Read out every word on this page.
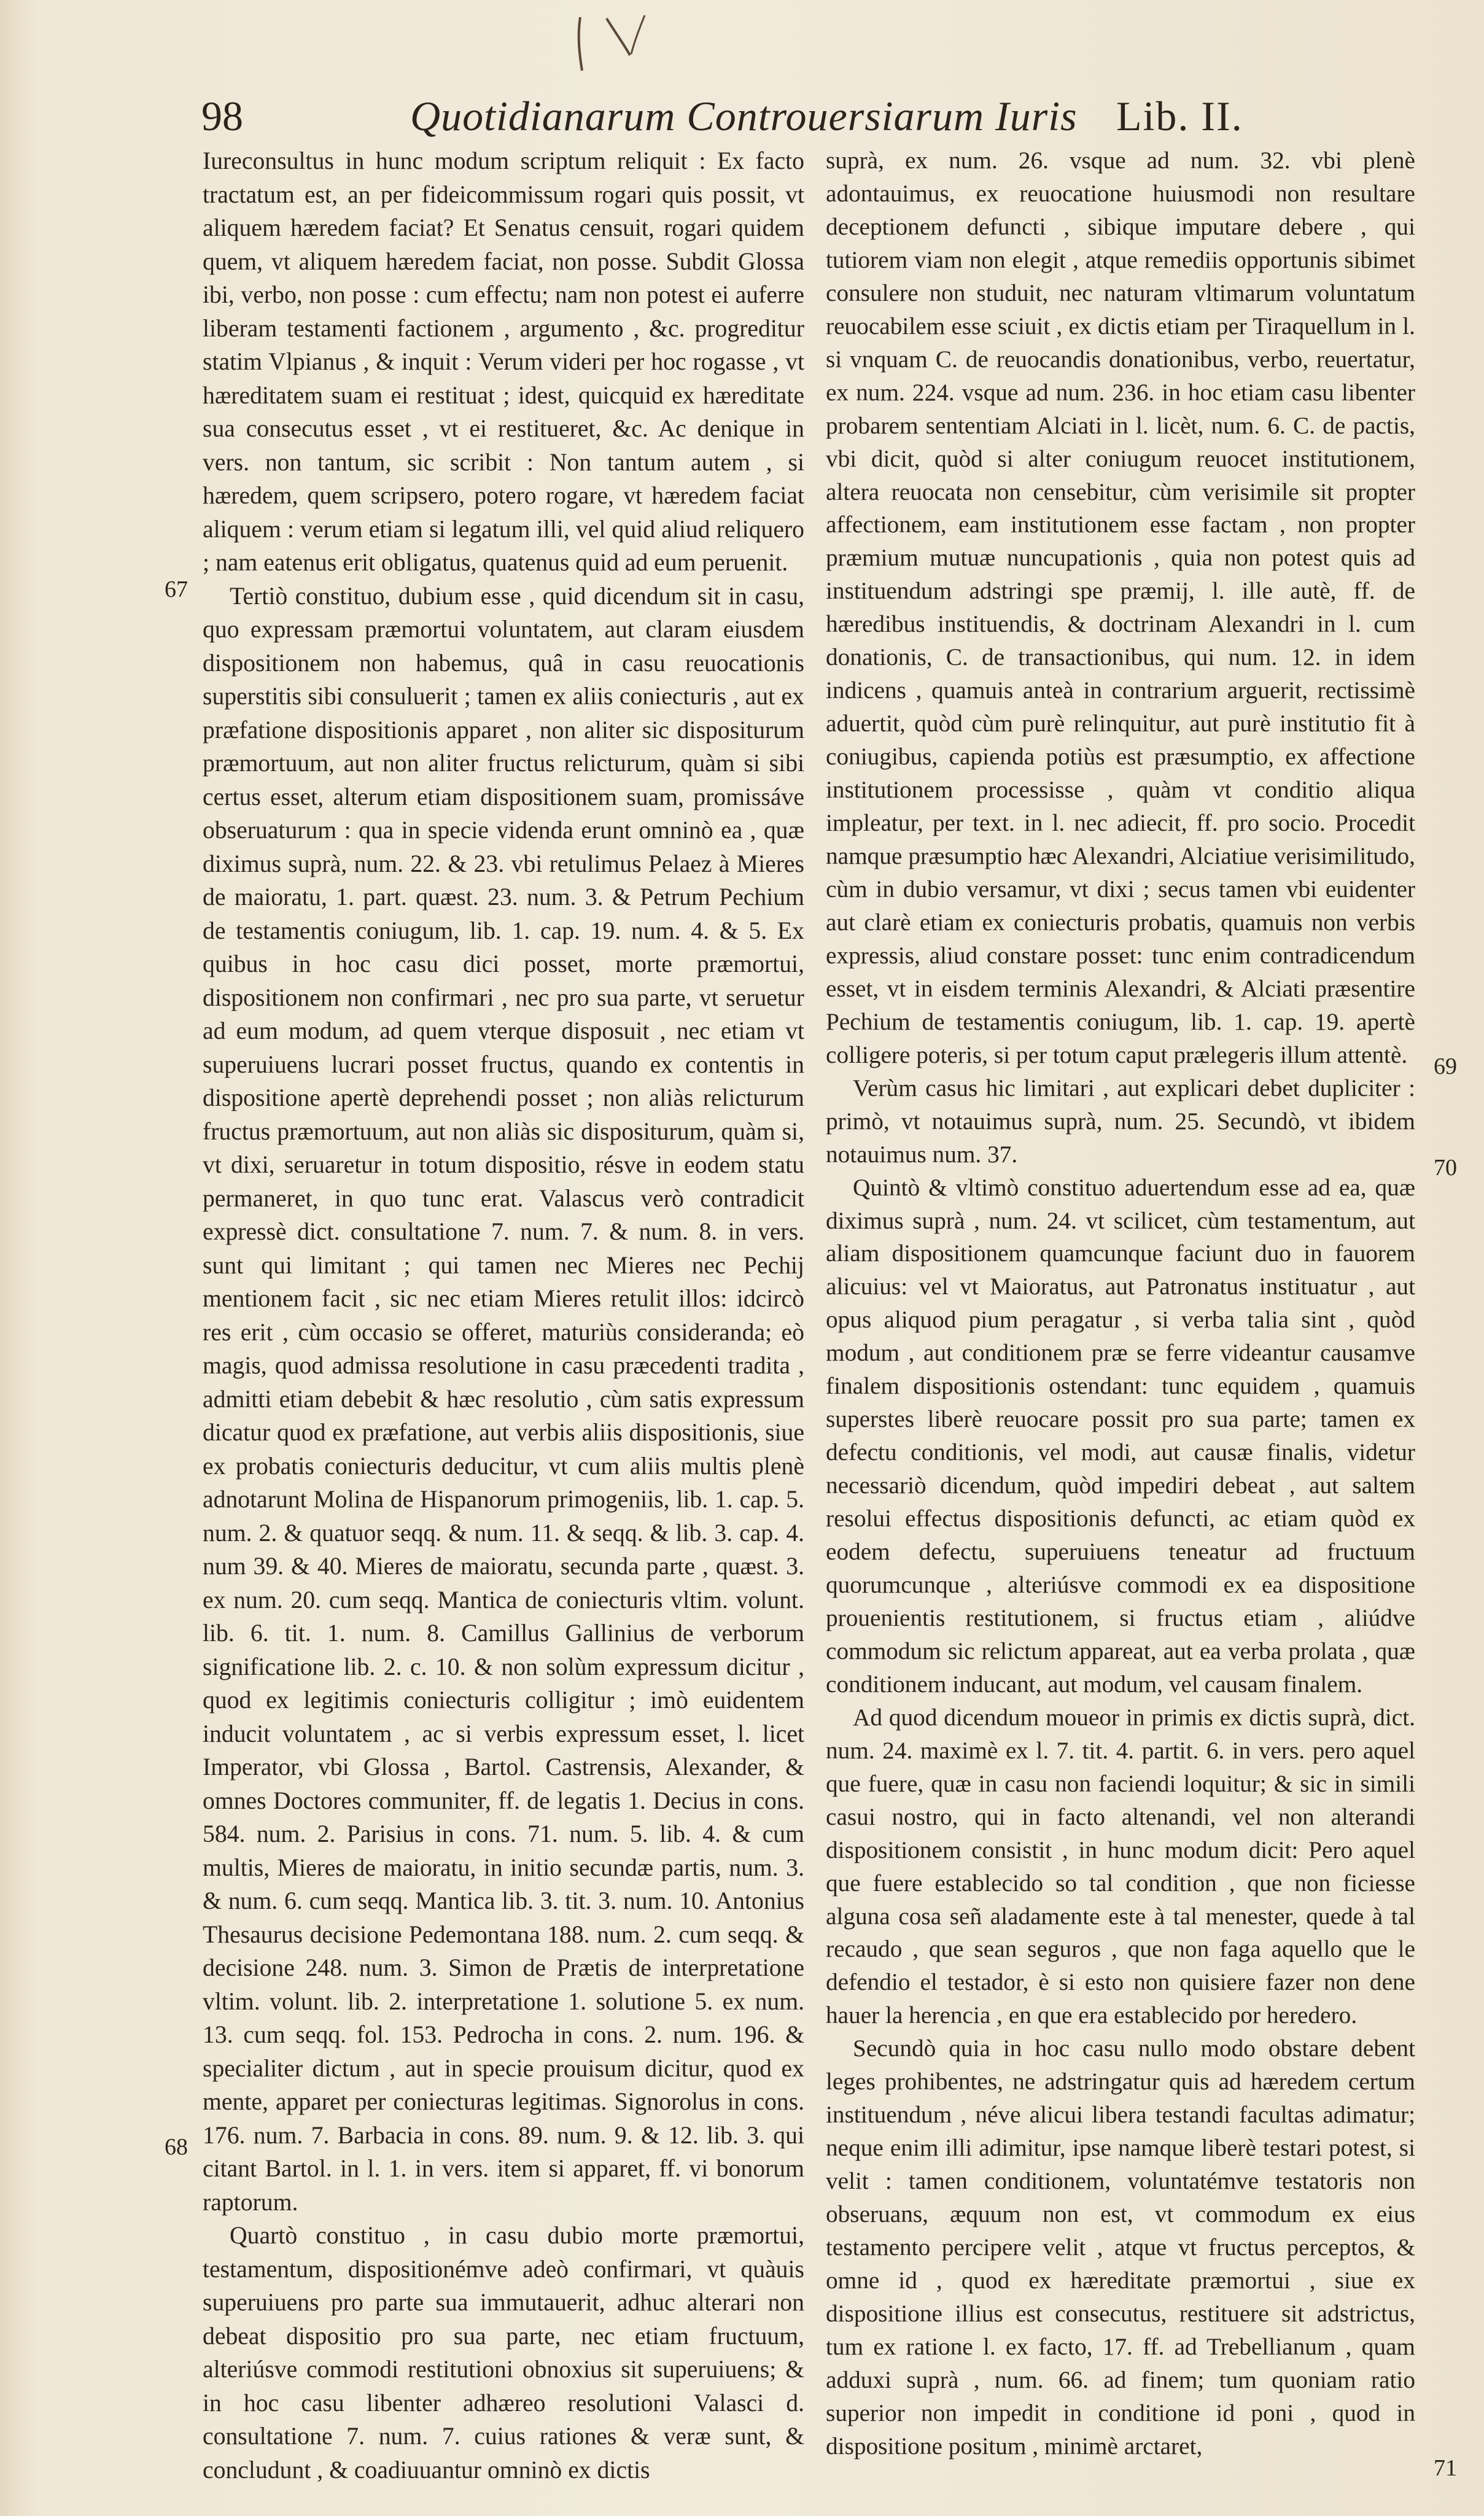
98	Quotidianarum Controuersiarum Iuris Lib. II.
67
68
69
70
71

Iureconsultus in hunc modum scriptum reliquit : Ex facto tractatum est, an per fideicommissum rogari quis possit, vt aliquem hæredem faciat? Et Senatus censuit, rogari quidem quem, vt aliquem hæredem faciat, non posse. Subdit Glossa ibi, verbo, non posse : cum effectu; nam non potest ei auferre liberam testamenti factionem , argumento , &c. progreditur statim Vlpianus , & inquit : Verum videri per hoc rogasse , vt hæreditatem suam ei restituat ; idest, quicquid ex hæreditate sua consecutus esset , vt ei restitueret, &c. Ac denique in vers. non tantum, sic scribit : Non tantum autem , si hæredem, quem scripsero, potero rogare, vt hæredem faciat aliquem : verum etiam si legatum illi, vel quid aliud reliquero ; nam eatenus erit obligatus, quatenus quid ad eum peruenit.

Tertiò constituo, dubium esse , quid dicendum sit in casu, quo expressam præmortui voluntatem, aut claram eiusdem dispositionem non habemus, quâ in casu reuocationis superstitis sibi consuluerit ; tamen ex aliis coniecturis , aut ex præfatione dispositionis apparet , non aliter sic dispositurum præmortuum, aut non aliter fructus relicturum, quàm si sibi certus esset, alterum etiam dispositionem suam, promissáve obseruaturum : qua in specie videnda erunt omninò ea , quæ diximus suprà, num. 22. & 23. vbi retulimus Pelaez à Mieres de maioratu, 1. part. quæst. 23. num. 3. & Petrum Pechium de testamentis coniugum, lib. 1. cap. 19. num. 4. & 5. Ex quibus in hoc casu dici posset, morte præmortui, dispositionem non confirmari , nec pro sua parte, vt seruetur ad eum modum, ad quem vterque disposuit , nec etiam vt superuiuens lucrari posset fructus, quando ex contentis in dispositione apertè deprehendi posset ; non aliàs relicturum fructus præmortuum, aut non aliàs sic dispositurum, quàm si, vt dixi, seruaretur in totum dispositio, résve in eodem statu permaneret, in quo tunc erat. Valascus verò contradicit expressè dict. consultatione 7. num. 7. & num. 8. in vers. sunt qui limitant ; qui tamen nec Mieres nec Pechij mentionem facit , sic nec etiam Mieres retulit illos: idcircò res erit , cùm occasio se offeret, maturiùs consideranda; eò magis, quod admissa resolutione in casu præcedenti tradita , admitti etiam debebit & hæc resolutio , cùm satis expressum dicatur quod ex præfatione, aut verbis aliis dispositionis, siue ex probatis coniecturis deducitur, vt cum aliis multis plenè adnotarunt Molina de Hispanorum primogeniis, lib. 1. cap. 5. num. 2. & quatuor seqq. & num. 11. & seqq. & lib. 3. cap. 4. num 39. & 40. Mieres de maioratu, secunda parte , quæst. 3. ex num. 20. cum seqq. Mantica de coniecturis vltim. volunt. lib. 6. tit. 1. num. 8. Camillus Gallinius de verborum significatione lib. 2. c. 10. & non solùm expressum dicitur , quod ex legitimis coniecturis colligitur ; imò euidentem inducit voluntatem , ac si verbis expressum esset, l. licet Imperator, vbi Glossa , Bartol. Castrensis, Alexander, & omnes Doctores communiter, ff. de legatis 1. Decius in cons. 584. num. 2. Parisius in cons. 71. num. 5. lib. 4. & cum multis, Mieres de maioratu, in initio secundæ partis, num. 3. & num. 6. cum seqq. Mantica lib. 3. tit. 3. num. 10. Antonius Thesaurus decisione Pedemontana 188. num. 2. cum seqq. & decisione 248. num. 3. Simon de Prætis de interpretatione vltim. volunt. lib. 2. interpretatione 1. solutione 5. ex num. 13. cum seqq. fol. 153. Pedrocha in cons. 2. num. 196. & specialiter dictum , aut in specie prouisum dicitur, quod ex mente, apparet per coniecturas legitimas. Signorolus in cons. 176. num. 7. Barbacia in cons. 89. num. 9. & 12. lib. 3. qui citant Bartol. in l. 1. in vers. item si apparet, ff. vi bonorum raptorum.

Quartò constituo , in casu dubio morte præmortui, testamentum, dispositionémve adeò confirmari, vt quàuis superuiuens pro parte sua immutauerit, adhuc alterari non debeat dispositio pro sua parte, nec etiam fructuum, alteriúsve commodi restitutioni obnoxius sit superuiuens; & in hoc casu libenter adhæreo resolutioni Valasci d. consultatione 7. num. 7. cuius rationes & veræ sunt, & concludunt , & coadiuuantur omninò ex dictis

suprà, ex num. 26. vsque ad num. 32. vbi plenè adontauimus, ex reuocatione huiusmodi non resultare deceptionem defuncti , sibique imputare debere , qui tutiorem viam non elegit , atque remediis opportunis sibimet consulere non studuit, nec naturam vltimarum voluntatum reuocabilem esse sciuit , ex dictis etiam per Tiraquellum in l. si vnquam C. de reuocandis donationibus, verbo, reuertatur, ex num. 224. vsque ad num. 236. in hoc etiam casu libenter probarem sententiam Alciati in l. licèt, num. 6. C. de pactis, vbi dicit, quòd si alter coniugum reuocet institutionem, altera reuocata non censebitur, cùm verisimile sit propter affectionem, eam institutionem esse factam , non propter præmium mutuæ nuncupationis , quia non potest quis ad instituendum adstringi spe præmij, l. ille autè, ff. de hæredibus instituendis, & doctrinam Alexandri in l. cum donationis, C. de transactionibus, qui num. 12. in idem indicens , quamuis anteà in contrarium arguerit, rectissimè aduertit, quòd cùm purè relinquitur, aut purè institutio fit à coniugibus, capienda potiùs est præsumptio, ex affectione institutionem processisse , quàm vt conditio aliqua impleatur, per text. in l. nec adiecit, ff. pro socio. Procedit namque præsumptio hæc Alexandri, Alciatiue verisimilitudo, cùm in dubio versamur, vt dixi ; secus tamen vbi euidenter aut clarè etiam ex coniecturis probatis, quamuis non verbis expressis, aliud constare posset: tunc enim contradicendum esset, vt in eisdem terminis Alexandri, & Alciati præsentire Pechium de testamentis coniugum, lib. 1. cap. 19. apertè colligere poteris, si per totum caput prælegeris illum attentè.

Verùm casus hic limitari , aut explicari debet dupliciter : primò, vt notauimus suprà, num. 25. Secundò, vt ibidem notauimus num. 37.

Quintò & vltimò constituo aduertendum esse ad ea, quæ diximus suprà , num. 24. vt scilicet, cùm testamentum, aut aliam dispositionem quamcunque faciunt duo in fauorem alicuius: vel vt Maioratus, aut Patronatus instituatur , aut opus aliquod pium peragatur , si verba talia sint , quòd modum , aut conditionem præ se ferre videantur causamve finalem dispositionis ostendant: tunc equidem , quamuis superstes liberè reuocare possit pro sua parte; tamen ex defectu conditionis, vel modi, aut causæ finalis, videtur necessariò dicendum, quòd impediri debeat , aut saltem resolui effectus dispositionis defuncti, ac etiam quòd ex eodem defectu, superuiuens teneatur ad fructuum quorumcunque , alteriúsve commodi ex ea dispositione prouenientis restitutionem, si fructus etiam , aliúdve commodum sic relictum appareat, aut ea verba prolata , quæ conditionem inducant, aut modum, vel causam finalem.

Ad quod dicendum moueor in primis ex dictis suprà, dict. num. 24. maximè ex l. 7. tit. 4. partit. 6. in vers. pero aquel que fuere, quæ in casu non faciendi loquitur; & sic in simili casui nostro, qui in facto altenandi, vel non alterandi dispositionem consistit , in hunc modum dicit: Pero aquel que fuere establecido so tal condition , que non ficiesse alguna cosa señ aladamente este à tal menester, quede à tal recaudo , que sean seguros , que non faga aquello que le defendio el testador, è si esto non quisiere fazer non dene hauer la herencia , en que era establecido por heredero.

Secundò quia in hoc casu nullo modo obstare debent leges prohibentes, ne adstringatur quis ad hæredem certum instituendum , néve alicui libera testandi facultas adimatur; neque enim illi adimitur, ipse namque liberè testari potest, si velit : tamen conditionem, voluntatémve testatoris non obseruans, æquum non est, vt commodum ex eius testamento percipere velit , atque vt fructus perceptos, & omne id , quod ex hæreditate præmortui , siue ex dispositione illius est consecutus, restituere sit adstrictus, tum ex ratione l. ex facto, 17. ff. ad Trebellianum , quam adduxi suprà , num. 66. ad finem; tum quoniam ratio superior non impedit in conditione id poni , quod in dispositione positum , minimè arctaret,
